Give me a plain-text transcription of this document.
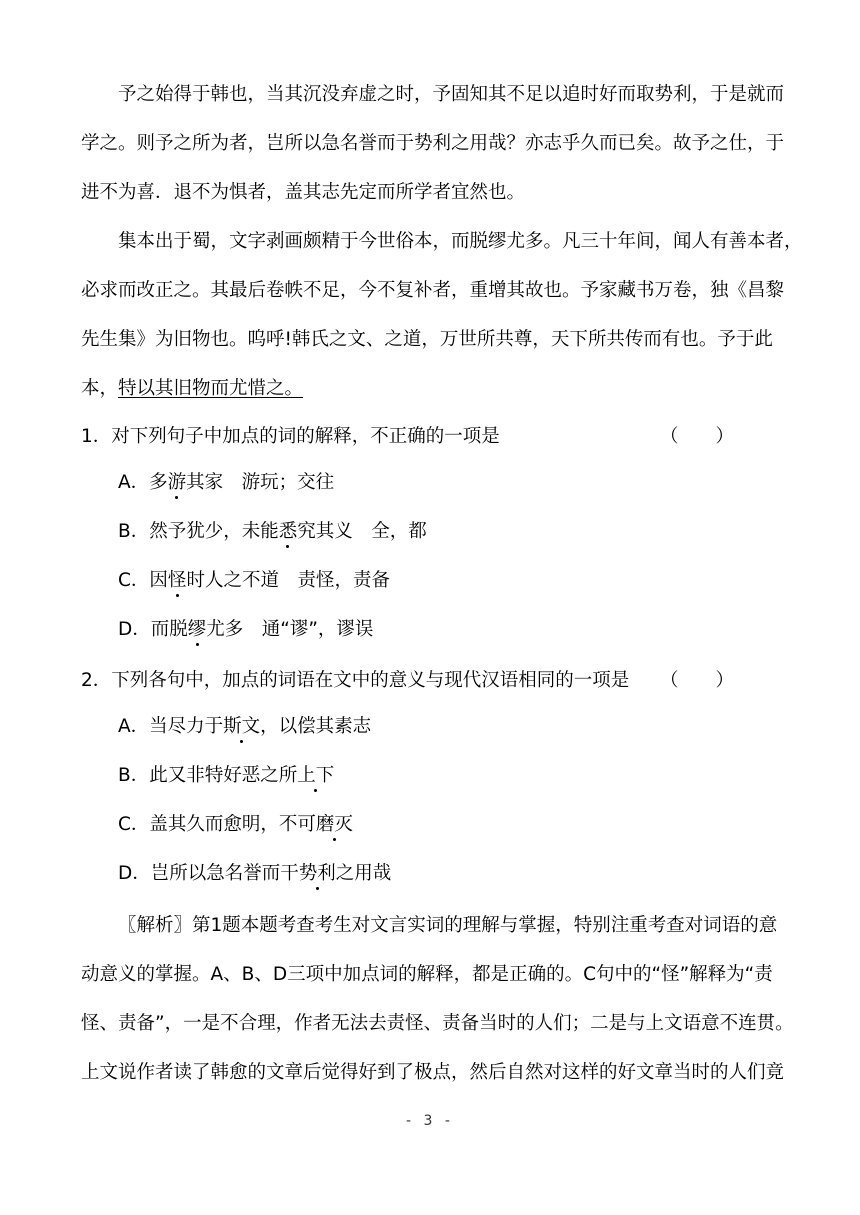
予之始得于韩也，当其沉没弃虚之时，予固知其不足以追时好而取势利，于是就而
学之。则予之所为者，岂所以急名誉而于势利之用哉？亦志乎久而已矣。故予之仕，于
进不为喜．退不为惧者，盖其志先定而所学者宜然也。
集本出于蜀，文字剥画颇精于今世俗本，而脱缪尤多。凡三十年间，闻人有善本者，
必求而改正之。其最后卷帙不足，今不复补者，重增其故也。予家藏书万卷，独《昌黎
先生集》为旧物也。呜呼!韩氏之文、之道，万世所共尊，天下所共传而有也。予于此
本，特以其旧物而尤惜之。
1．对下列句子中加点的词的解释，不正确的一项是	（　　）
A．多游其家　游玩；交往
B．然予犹少，未能悉究其义　全，都
C．因怪时人之不道　责怪，责备
D．而脱缪尤多　通“谬”，谬误
2．下列各句中，加点的词语在文中的意义与现代汉语相同的一项是 （　　）
A．当尽力于斯文，以偿其素志
B．此又非特好恶之所上下
C．盖其久而愈明，不可磨灭
D．岂所以急名誉而干势利之用哉
〖解析〗第1题本题考查考生对文言实词的理解与掌握，特别注重考查对词语的意
动意义的掌握。A、B、D三项中加点词的解释，都是正确的。C句中的“怪”解释为“责
怪、责备”，一是不合理，作者无法去责怪、责备当时的人们；二是与上文语意不连贯。
上文说作者读了韩愈的文章后觉得好到了极点，然后自然对这样的好文章当时的人们竟
- 3 -
